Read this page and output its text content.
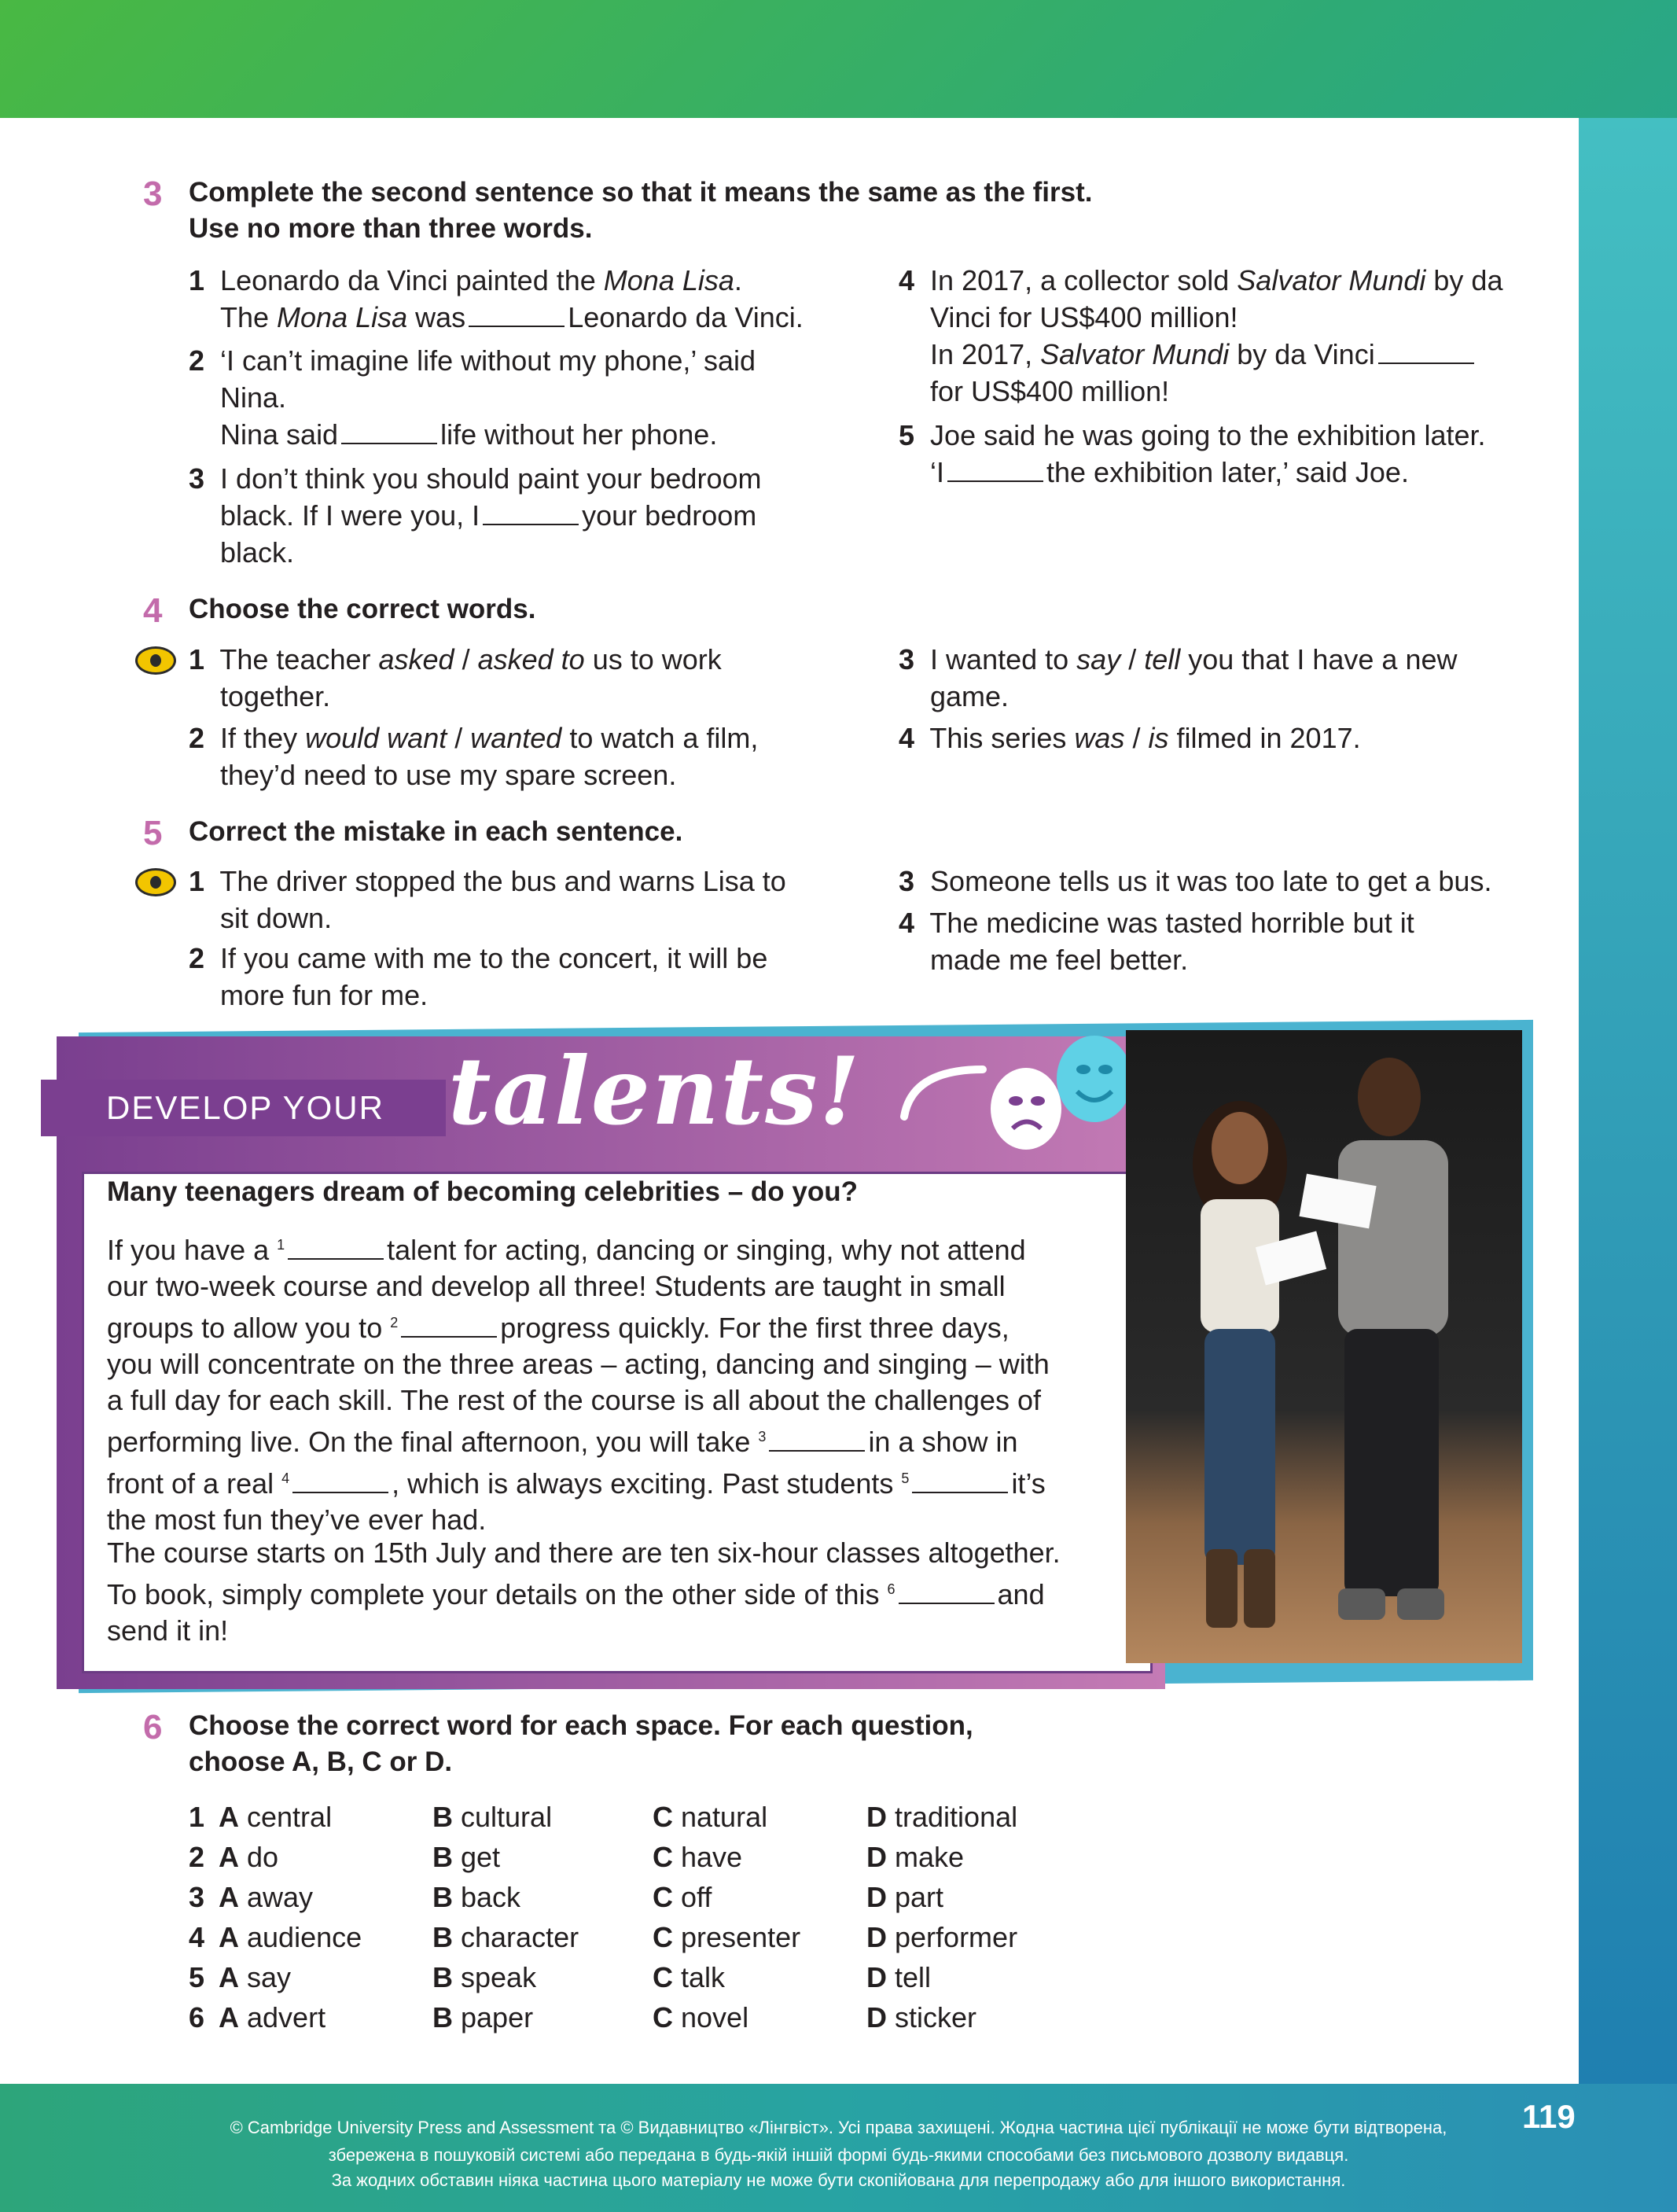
3 Complete the second sentence so that it means the same as the first.
Use no more than three words.
1 Leonardo da Vinci painted the Mona Lisa.
The Mona Lisa was	Leonardo da Vinci.
2 ‘I can’t imagine life without my phone,’ said
Nina.
Nina said	life without her phone.
3 I don’t think you should paint your bedroom
black. If I were you, I	your bedroom
black.
4 In 2017, a collector sold Salvator Mundi by da
Vinci for US$400 million!
In 2017, Salvator Mundi by da Vinci
for US$400 million!
5 Joe said he was going to the exhibition later.
‘I	the exhibition later,’ said Joe.
4 Choose the correct words.
1 The teacher asked / asked to us to work
together.
2 If they would want / wanted to watch a film,
they’d need to use my spare screen.
3 I wanted to say / tell you that I have a new
game.
4 This series was / is filmed in 2017.
5 Correct the mistake in each sentence.
1 The driver stopped the bus and warns Lisa to
sit down.
2 If you came with me to the concert, it will be
more fun for me.
3 Someone tells us it was too late to get a bus.
4 The medicine was tasted horrible but it
made me feel better.
DEVELOP YOUR talents!
Many teenagers dream of becoming celebrities – do you?
If you have a $^1$	talent for acting, dancing or singing, why not attend
our two-week course and develop all three! Students are taught in small
groups to allow you to $^2$	progress quickly. For the first three days,
you will concentrate on the three areas – acting, dancing and singing – with
a full day for each skill. The rest of the course is all about the challenges of
performing live. On the final afternoon, you will take $^3$	in a show in
front of a real $^4$	, which is always exciting. Past students $^5$	it’s
the most fun they’ve ever had.
The course starts on 15th July and there are ten six-hour classes altogether.
To book, simply complete your details on the other side of this $^6$	and
send it in!
6 Choose the correct word for each space. For each question,
choose A, B, C or D.
1 A central	B cultural	C natural	D traditional
2 A do	B get	C have	D make
3 A away	B back	C off	D part
4 A audience B character	C presenter D performer
5 A say	B speak	C talk	D tell
6 A advert	B paper	C novel	D sticker
© Cambridge University Press and Assessment та © Видавництво «Лінгвіст». Усі права захищені. Жодна частина цієї публікації не може бути відтворена,
збережена в пошуковій системі або передана в будь-якій іншій формі будь-якими способами без письмового дозволу видавця.
За жодних обставин ніяка частина цього матеріалу не може бути скопійована для перепродажу або для іншого використання.
119
